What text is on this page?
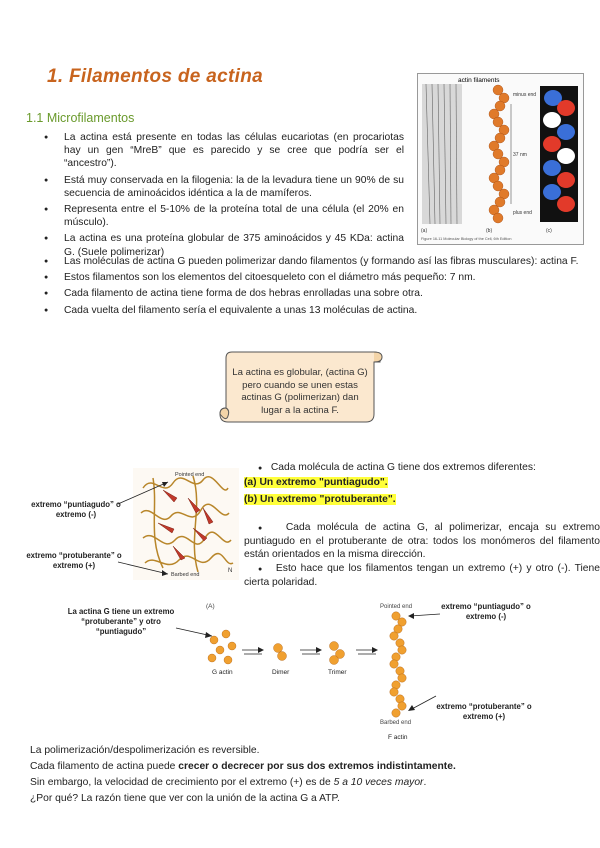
1. Filamentos de actina
1.1 Microfilamentos
● La actina está presente en todas las células eucariotas (en procariotas hay un gen “MreB” que es parecido y se cree que podría ser el “ancestro”).
● Está muy conservada en la filogenia: la de la levadura tiene un 90% de su secuencia de aminoácidos idéntica a la de mamíferos.
● Representa entre el 5-10% de la proteína total de una célula (el 20% en músculo).
● La actina es una proteína globular de 375 aminoácidos y 45 KDa: actina G. (Suele polimerizar)
● Las moléculas de actina G pueden polimerizar dando filamentos (y formando así las fibras musculares): actina F.
● Estos filamentos son los elementos del citoesqueleto con el diámetro más pequeño: 7 nm.
● Cada filamento de actina tiene forma de dos hebras enrolladas una sobre otra.
● Cada vuelta del filamento sería el equivalente a unas 13 moléculas de actina.
actin filaments
minus end
plus end
37 nm
(a)	(b)	(c)
Figure 16-11 Molecular Biology of the Cell, 6th Edition
La actina es globular, (actina G) pero cuando se unen estas actinas G (polimerizan) dan lugar a la actina F.
Pointed end
Barbed end
N
extremo “puntiagudo” o extremo (-)
extremo “protuberante” o extremo (+)
● Cada molécula de actina G tiene dos extremos diferentes:
(a) Un extremo "puntiagudo".
(b) Un extremo "protuberante".
● Cada molécula de actina G, al polimerizar, encaja su extremo puntiagudo en el protuberante de otra: todos los monómeros del filamento están orientados en la misma dirección.
● Esto hace que los filamentos tengan un extremo (+) y otro (-). Tiene cierta polaridad.
La actina G tiene un extremo “protuberante” y otro “puntiagudo”
(A)
G actin	Dimer	Trimer
Pointed end
Barbed end
F actin
extremo “puntiagudo” o extremo (-)
extremo “protuberante” o extremo (+)
La polimerización/despolimerización es reversible.
Cada filamento de actina puede crecer o decrecer por sus dos extremos indistintamente.
Sin embargo, la velocidad de crecimiento por el extremo (+) es de 5 a 10 veces mayor.
¿Por qué? La razón tiene que ver con la unión de la actina G a ATP.
